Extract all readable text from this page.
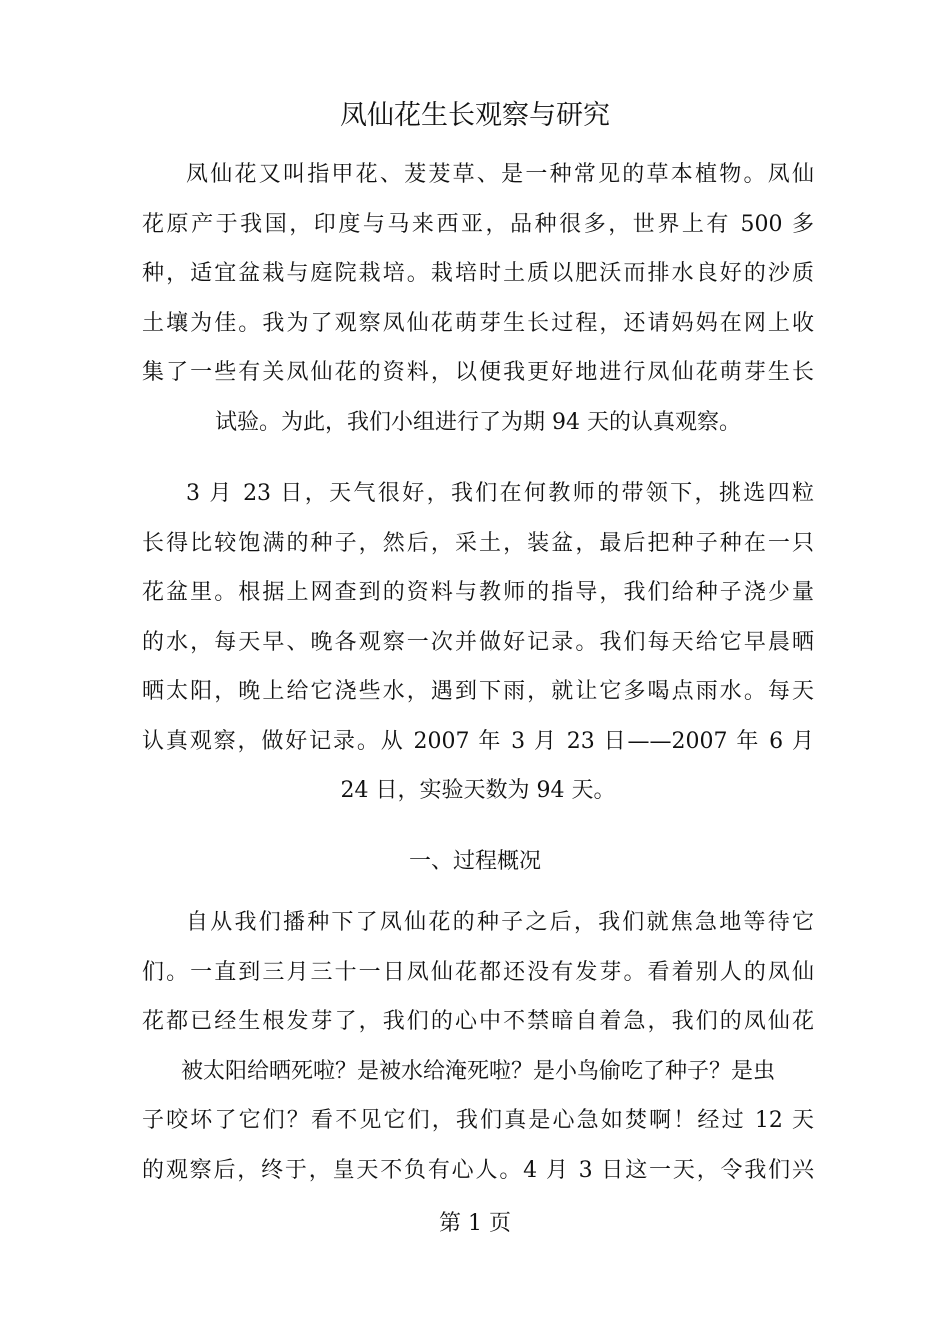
凤仙花生长观察与研究

凤仙花又叫指甲花、茇茇草、是一种常见的草本植物。凤仙
花原产于我国，印度与马来西亚，品种很多，世界上有 500 多
种，适宜盆栽与庭院栽培。栽培时土质以肥沃而排水良好的沙质
土壤为佳。我为了观察凤仙花萌芽生长过程，还请妈妈在网上收
集了一些有关凤仙花的资料，以便我更好地进行凤仙花萌芽生长
试验。为此，我们小组进行了为期 94 天的认真观察。

3 月 23 日，天气很好，我们在何教师的带领下，挑选四粒
长得比较饱满的种子，然后，采土，装盆，最后把种子种在一只
花盆里。根据上网查到的资料与教师的指导，我们给种子浇少量
的水，每天早、晚各观察一次并做好记录。我们每天给它早晨晒
晒太阳，晚上给它浇些水，遇到下雨，就让它多喝点雨水。每天
认真观察，做好记录。从 2007 年 3 月 23 日——2007 年 6 月
24 日，实验天数为 94 天。

一、过程概况

自从我们播种下了凤仙花的种子之后，我们就焦急地等待它
们。一直到三月三十一日凤仙花都还没有发芽。看着别人的凤仙
花都已经生根发芽了，我们的心中不禁暗自着急，我们的凤仙花
被太阳给晒死啦？是被水给淹死啦？是小鸟偷吃了种子？是虫
子咬坏了它们？看不见它们，我们真是心急如焚啊！经过 12 天
的观察后，终于，皇天不负有心人。4 月 3 日这一天，令我们兴

第 1 页
